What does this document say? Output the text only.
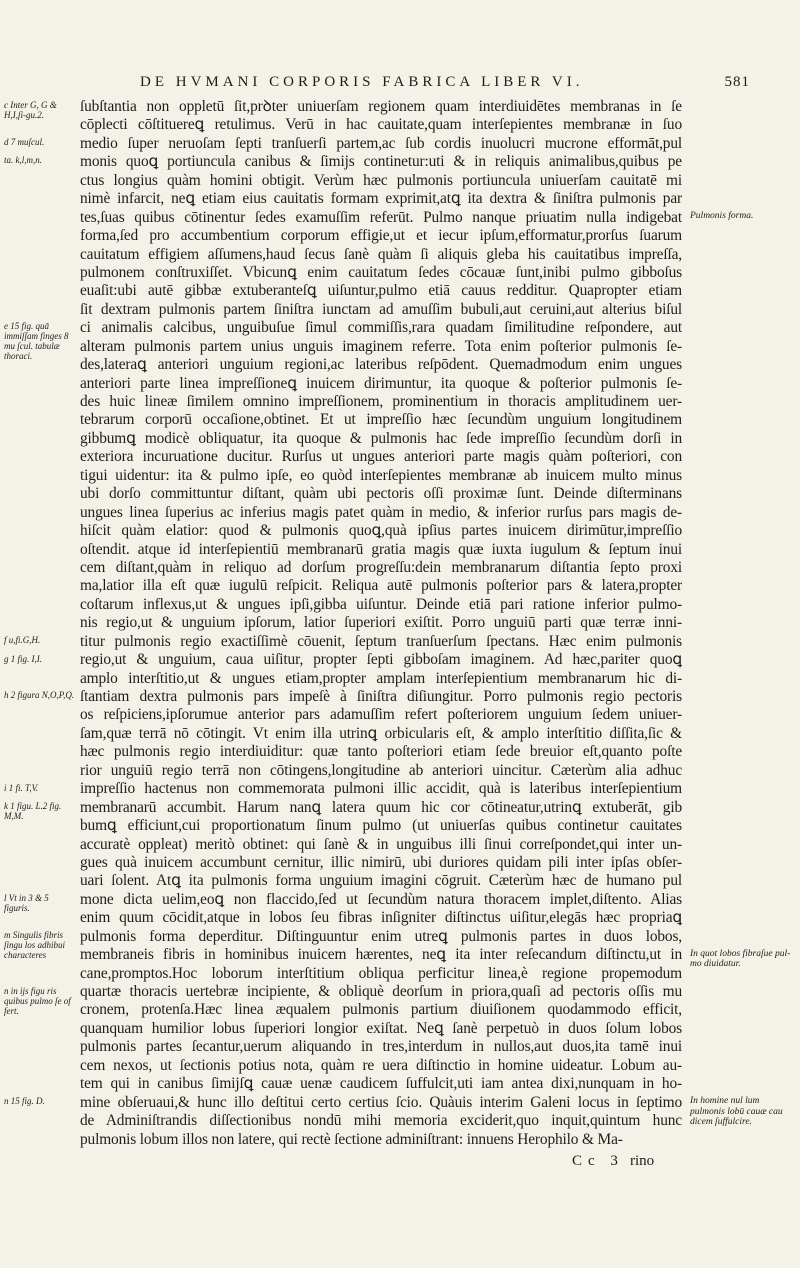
DE HVMANI CORPORIS FABRICA LIBER VI.	581
c Inter G, G & H,I,ſi-gu.2.
d 7 muſcul.
ta. k,l,m,n.
e 15 fig. quā immiſſam finges 8 mu ſcul. tabulæ thoraci.
f u,fi.G,H.
g 1 fig. I,I.
h 2 figura N,O,P,Q.
i 1 fi. T,V.
k 1 figu. L.2 fig. M,M.
l Vt in 3 & 5 figuris.
m Singulis fibris ſingu los adhibui characteres
n in ijs figu ris quibus pulmo ſe of fert.
n 15 fig. D.
ſubſtantia non oppletū ſit,prꝺter uniuerſam regionem quam interdiuidētes membranas in ſe
cōplecti cōſtituereꝗ retulimus. Verū in hac cauitate,quam interſepientes membranæ in ſuo
medio ſuper neruoſam ſepti tranſuerſi partem,ac ſub cordis inuolucri mucrone efformāt,pul
monis quoꝗ portiuncula canibus & ſimijs continetur:uti & in reliquis animalibus,quibus pe
ctus longius quàm homini obtigit. Verùm hæc pulmonis portiuncula uniuerſam cauitatē mi
nimè infarcit, neꝗ etiam eius cauitatis formam exprimit,atꝗ ita dextra & ſiniſtra pulmonis par
tes,ſuas quibus cōtinentur ſedes examuſſim referūt. Pulmo nanque priuatim nulla indigebat
forma,ſed pro accumbentium corporum effigie,ut et iecur ipſum,efformatur,prorſus ſuarum
cauitatum effigiem aſſumens,haud ſecus ſanè quàm ſi aliquis gleba his cauitatibus impreſſa,
pulmonem conſtruxiſſet. Vbicunꝗ enim cauitatum ſedes cōcauæ ſunt,inibi pulmo gibboſus
euaſit:ubi autē gibbæ extuberanteſꝗ uiſuntur,pulmo etiā cauus redditur. Quapropter etiam
ſit dextram pulmonis partem ſiniſtra iunctam ad amuſſim bubuli,aut ceruini,aut alterius biſul
ci animalis calcibus, unguibuſue ſimul commiſſis,rara quadam ſimilitudine reſpondere, aut
alteram pulmonis partem unius unguis imaginem referre. Tota enim poſterior pulmonis ſe-
des,lateraꝗ anteriori unguium regioni,ac lateribus reſpōdent. Quemadmodum enim ungues
anteriori parte linea impreſſioneꝗ inuicem dirimuntur, ita quoque & poſterior pulmonis ſe-
des huic lineæ ſimilem omnino impreſſionem, prominentium in thoracis amplitudinem uer-
tebrarum corporū occaſione,obtinet. Et ut impreſſio hæc ſecundùm unguium longitudinem
gibbumꝗ modicè obliquatur, ita quoque & pulmonis hac ſede impreſſio ſecundùm dorſi in
exteriora incuruatione ducitur. Rurſus ut ungues anteriori parte magis quàm poſteriori, con
tigui uidentur: ita & pulmo ipſe, eo quòd interſepientes membranæ ab inuicem multo minus
ubi dorſo committuntur diſtant, quàm ubi pectoris oſſi proximæ ſunt. Deinde diſterminans
ungues linea ſuperius ac inferius magis patet quàm in medio, & inferior rurſus pars magis de-
hiſcit quàm elatior: quod & pulmonis quoꝗ,quà ipſius partes inuicem dirimūtur,impreſſio
oſtendit. atque id interſepientiū membranarū gratia magis quæ iuxta iugulum & ſeptum inui
cem diſtant,quàm in reliquo ad dorſum progreſſu:dein membranarum diſtantia ſepto proxi
ma,latior illa eſt quæ iugulū reſpicit. Reliqua autē pulmonis poſterior pars & latera,propter
coſtarum inflexus,ut & ungues ipſi,gibba uiſuntur. Deinde etiā pari ratione inferior pulmo-
nis regio,ut & unguium ipſorum, latior ſuperiori exiſtit. Porro unguiū parti quæ terræ inni-
titur pulmonis regio exactiſſimè cōuenit, ſeptum tranſuerſum ſpectans. Hæc enim pulmonis
regio,ut & unguium, caua uiſitur, propter ſepti gibboſam imaginem. Ad hæc,pariter quoꝗ
amplo interſtitio,ut & ungues etiam,propter amplam interſepientium membranarum hic di-
ſtantiam dextra pulmonis pars impeſè à ſiniſtra diſiungitur. Porro pulmonis regio pectoris
os reſpiciens,ipſorumue anterior pars adamuſſim refert poſteriorem unguium ſedem uniuer-
ſam,quæ terrā nō cōtingit. Vt enim illa utrinꝗ orbicularis eſt, & amplo interſtitio diſſita,ſic &
hæc pulmonis regio interdiuiditur: quæ tanto poſteriori etiam ſede breuior eſt,quanto poſte
rior unguiū regio terrā non cōtingens,longitudine ab anteriori uincitur. Cæterùm alia adhuc
impreſſio hactenus non commemorata pulmoni illic accidit, quà is lateribus interſepientium
membranarū accumbit. Harum nanꝗ latera quum hic cor cōtineatur,utrinꝗ extuberāt, gib
bumꝗ efficiunt,cui proportionatum ſinum pulmo (ut uniuerſas quibus continetur cauitates
accuratè oppleat) meritò obtinet: qui ſanè & in unguibus illi ſinui correſpondet,qui inter un-
gues quà inuicem accumbunt cernitur, illic nimirū, ubi duriores quidam pili inter ipſas obſer-
uari ſolent. Atꝗ ita pulmonis forma unguium imagini cōgruit. Cæterùm hæc de humano pul
mone dicta uelim,eoꝗ non flaccido,ſed ut ſecundùm natura thoracem implet,diſtento. Alias
enim quum cōcidit,atque in lobos ſeu fibras inſigniter diſtinctus uiſitur,elegās hæc propriaꝗ
pulmonis forma deperditur. Diſtinguuntur enim utreꝗ pulmonis partes in duos lobos,
membraneis fibris in hominibus inuicem hærentes, neꝗ ita inter reſecandum diſtinctu,ut in
cane,promptos.Hoc loborum interſtitium obliqua perficitur linea,è regione propemodum
quartæ thoracis uertebræ incipiente, & obliquè deorſum in priora,quaſi ad pectoris oſſis mu
cronem, protenſa.Hæc linea æqualem pulmonis partium diuiſionem quodammodo efficit,
quanquam humilior lobus ſuperiori longior exiſtat. Neꝗ ſanè perpetuò in duos ſolum lobos
pulmonis partes ſecantur,uerum aliquando in tres,interdum in nullos,aut duos,ita tamē inui
cem nexos, ut ſectionis potius nota, quàm re uera diſtinctio in homine uideatur. Lobum au-
tem qui in canibus ſimijſꝗ cauæ uenæ caudicem ſuffulcit,uti iam antea dixi,nunquam in ho-
mine obſeruaui,& hunc illo deſtitui certo certius ſcio. Quàuis interim Galeni locus in ſeptimo
de Adminiſtrandis diſſectionibus nondū mihi memoria exciderit,quo inquit,quintum hunc
pulmonis lobum illos non latere, qui rectè ſectione adminiſtrant: innuens Herophilo & Ma-
Pulmonis forma.
In quot lobos fibraſue pul-mo diuidatur.
In homine nul lum pulmonis lobū cauæ cau dicem ſuffulcire.
Cc 3 rino
